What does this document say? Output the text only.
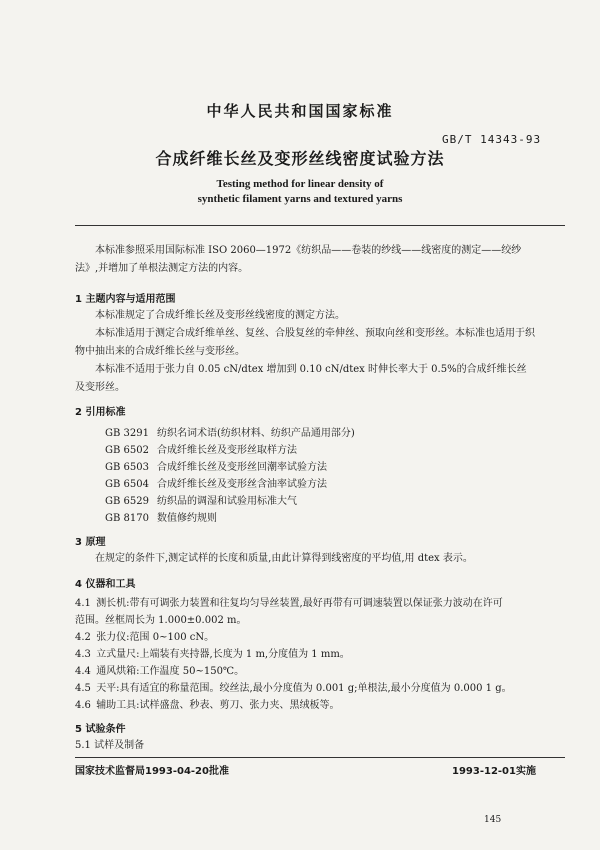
中华人民共和国国家标准
GB/T 14343-93
合成纤维长丝及变形丝线密度试验方法
Testing method for linear density of
synthetic filament yarns and textured yarns
本标准参照采用国际标准 ISO 2060—1972《纺织品——卷装的纱线——线密度的测定——绞纱
法》,并增加了单根法测定方法的内容。
1 主题内容与适用范围
本标准规定了合成纤维长丝及变形丝线密度的测定方法。
本标准适用于测定合成纤维单丝、复丝、合股复丝的牵伸丝、预取向丝和变形丝。本标准也适用于织
物中抽出来的合成纤维长丝与变形丝。
本标准不适用于张力自 0.05 cN/dtex 增加到 0.10 cN/dtex 时伸长率大于 0.5%的合成纤维长丝
及变形丝。
2 引用标准
GB 3291 纺织名词术语(纺织材料、纺织产品通用部分)
GB 6502 合成纤维长丝及变形丝取样方法
GB 6503 合成纤维长丝及变形丝回潮率试验方法
GB 6504 合成纤维长丝及变形丝含油率试验方法
GB 6529 纺织品的调湿和试验用标准大气
GB 8170 数值修约规则
3 原理
在规定的条件下,测定试样的长度和质量,由此计算得到线密度的平均值,用 dtex 表示。
4 仪器和工具
4.1 测长机:带有可调张力装置和往复均匀导丝装置,最好再带有可调速装置以保证张力波动在许可
范围。丝框周长为 1.000±0.002 m。
4.2 张力仪:范围 0~100 cN。
4.3 立式量尺:上端装有夹持器,长度为 1 m,分度值为 1 mm。
4.4 通风烘箱:工作温度 50~150℃。
4.5 天平:具有适宜的称量范围。绞丝法,最小分度值为 0.001 g;单根法,最小分度值为 0.000 1 g。
4.6 辅助工具:试样盛盘、秒表、剪刀、张力夹、黑绒板等。
5 试验条件
5.1 试样及制备
国家技术监督局1993-04-20批准	1993-12-01实施
145
